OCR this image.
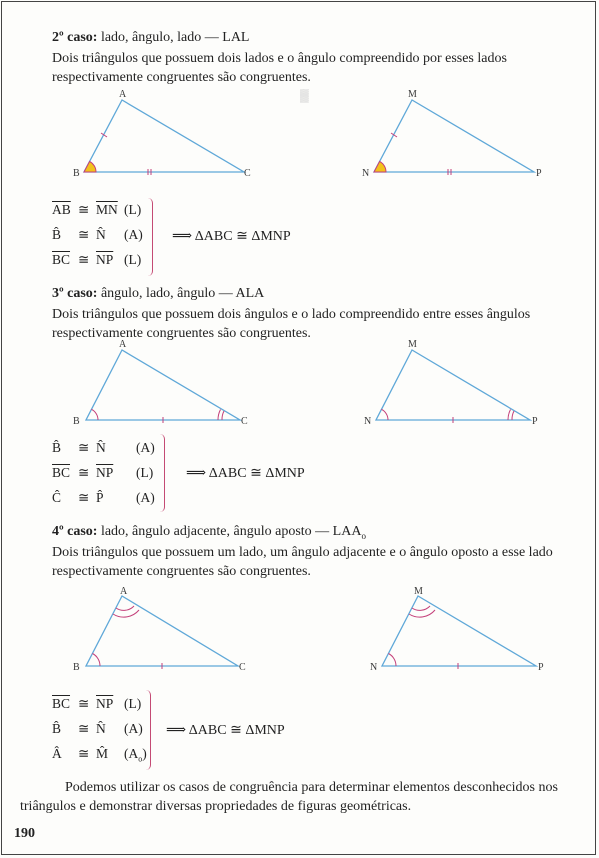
▓
2º caso: lado, ângulo, lado — LAL
Dois triângulos que possuem dois lados e o ângulo compreendido por esses lados respectivamente congruentes são congruentes.
A
B	C
M
N	P
$\overline{AB}$ ≅ $\overline{MN}$ (L)
B̂ ≅ N̂ (A)
$\overline{BC}$ ≅ $\overline{NP}$ (L)
⟹ ΔABC ≅ ΔMNP
3º caso: ângulo, lado, ângulo — ALA
Dois triângulos que possuem dois ângulos e o lado compreendido entre esses ângulos respectivamente congruentes são congruentes.
A
B	C
M
N	P
B̂ ≅ N̂ (A)
$\overline{BC}$ ≅ $\overline{NP}$ (L)
Ĉ ≅ P̂ (A)
⟹ ΔABC ≅ ΔMNP
4º caso: lado, ângulo adjacente, ângulo aposto — $LAA_o$
Dois triângulos que possuem um lado, um ângulo adjacente e o ângulo oposto a esse lado respectivamente congruentes são congruentes.
A
B	C
M
N	P
$\overline{BC}$ ≅ $\overline{NP}$ (L)
B̂ ≅ N̂ (A)
Â ≅ M̂ $(A_o)$
⟹ ΔABC ≅ ΔMNP
Podemos utilizar os casos de congruência para determinar elementos desconhecidos nos triângulos e demonstrar diversas propriedades de figuras geométricas.
190
